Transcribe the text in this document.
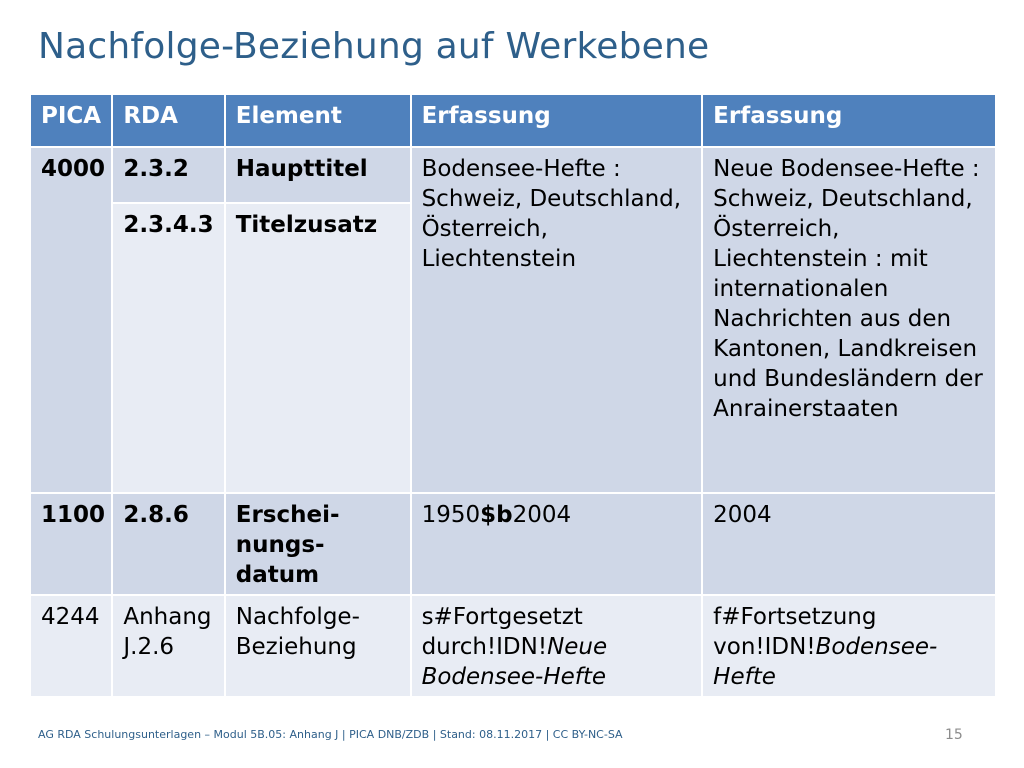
Nachfolge-Beziehung auf Werkebene
PICA	RDA	Element	Erfassung	Erfassung
4000	2.3.2	Haupttitel	Bodensee-Hefte : Schweiz, Deutschland, Österreich, Liechtenstein	Neue Bodensee-Hefte : Schweiz, Deutschland, Österreich, Liechtenstein : mit internationalen Nachrichten aus den Kantonen, Landkreisen und Bundesländern der Anrainerstaaten
	2.3.4.3	Titelzusatz		
1100	2.8.6	Erschei-nungs-datum	1950$b2004	2004
4244	Anhang J.2.6	Nachfolge-Beziehung	s#Fortgesetzt durch!IDN!Neue Bodensee-Hefte	f#Fortsetzung von!IDN!Bodensee-Hefte
AG RDA Schulungsunterlagen – Modul 5B.05: Anhang J | PICA DNB/ZDB | Stand: 08.11.2017 | CC BY-NC-SA	15
